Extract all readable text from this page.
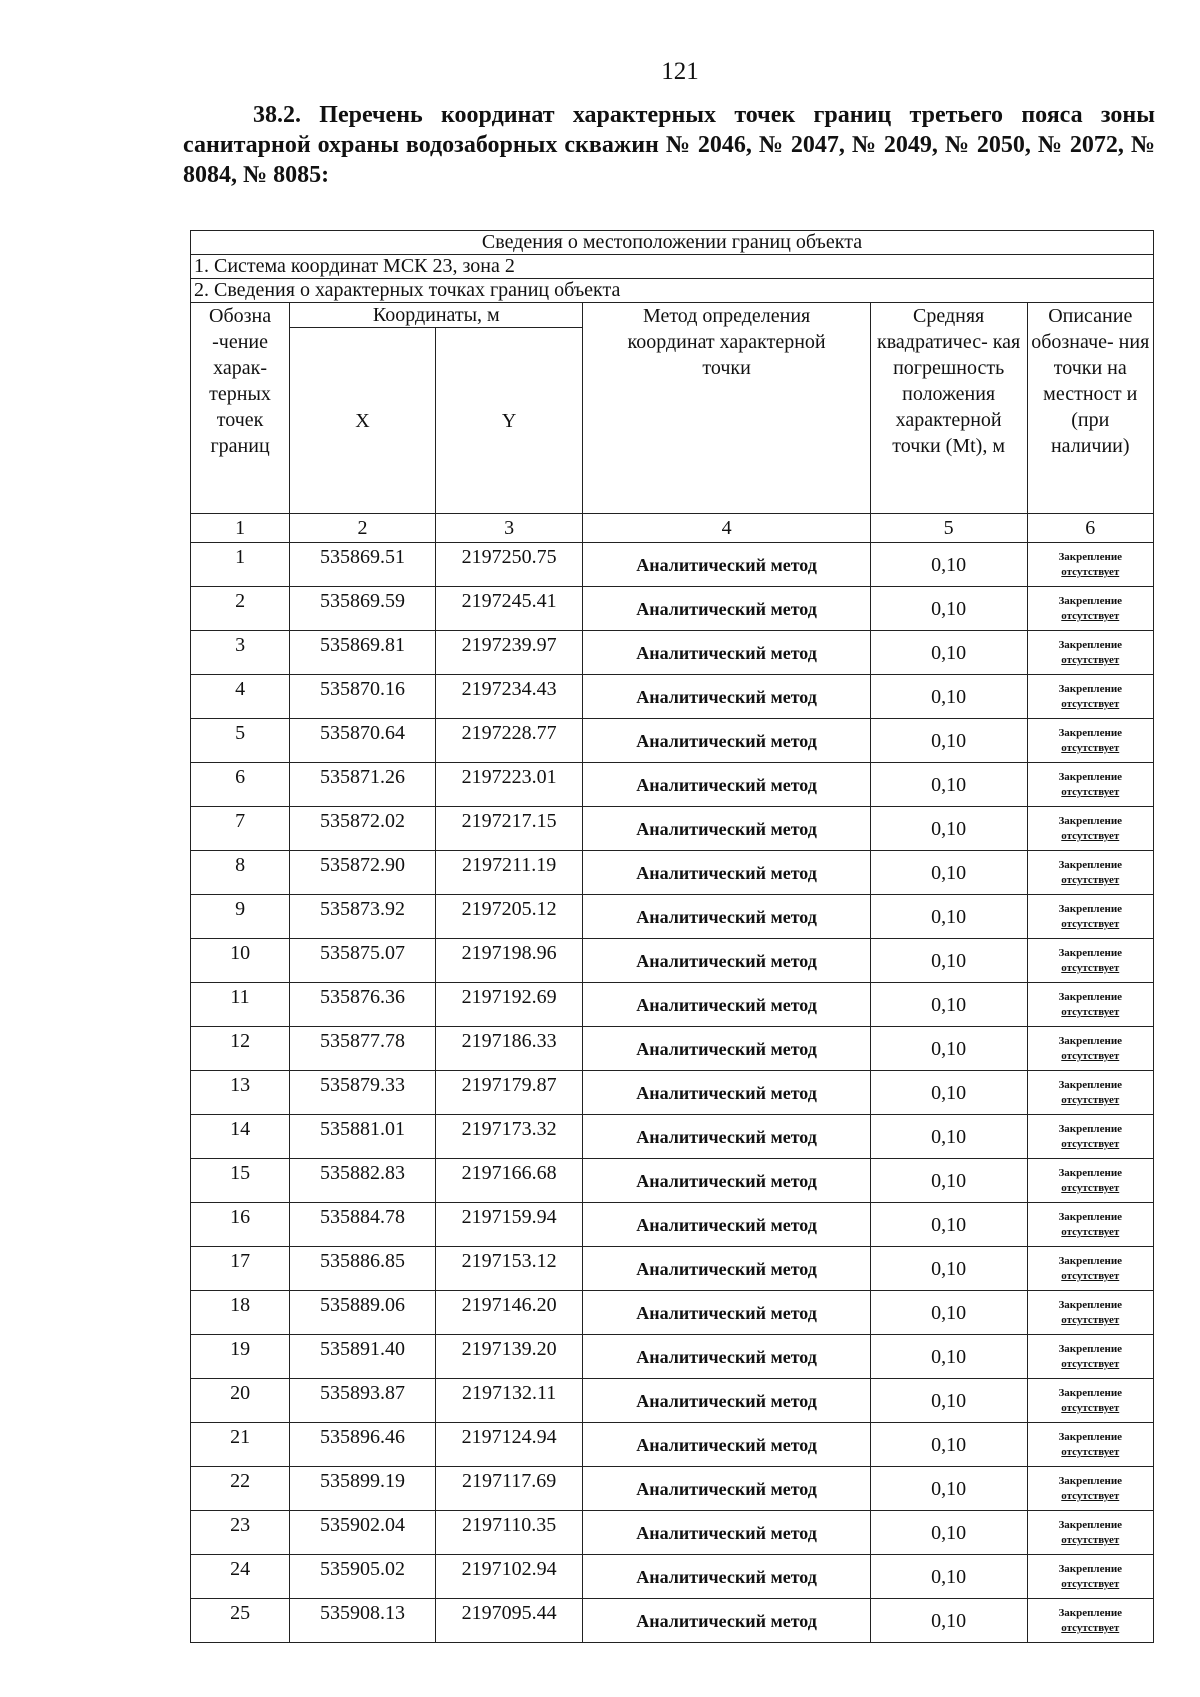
121
38.2. Перечень координат характерных точек границ третьего пояса зоны санитарной охраны водозаборных скважин № 2046, № 2047, № 2049, № 2050, № 2072, № 8084, № 8085:
Сведения о местоположении границ объекта					
1. Система координат МСК 23, зона 2					
2. Сведения о характерных точках границ объекта					
Обозна -чение харак- терных точек границ	Координаты, м		Метод определения координат характерной точки	Средняя квадратичес- кая погрешность положения характерной точки (Mt), м	Описание обозначе- ния точки на местност и (при наличии)
	X	Y			
1	2	3	4	5	6
1	535869.51	2197250.75	Аналитический метод	0,10	Закрепление
отсутствует

2	535869.59	2197245.41	Аналитический метод	0,10	Закрепление
отсутствует

3	535869.81	2197239.97	Аналитический метод	0,10	Закрепление
отсутствует

4	535870.16	2197234.43	Аналитический метод	0,10	Закрепление
отсутствует

5	535870.64	2197228.77	Аналитический метод	0,10	Закрепление
отсутствует

6	535871.26	2197223.01	Аналитический метод	0,10	Закрепление
отсутствует

7	535872.02	2197217.15	Аналитический метод	0,10	Закрепление
отсутствует

8	535872.90	2197211.19	Аналитический метод	0,10	Закрепление
отсутствует

9	535873.92	2197205.12	Аналитический метод	0,10	Закрепление
отсутствует

10	535875.07	2197198.96	Аналитический метод	0,10	Закрепление
отсутствует

11	535876.36	2197192.69	Аналитический метод	0,10	Закрепление
отсутствует

12	535877.78	2197186.33	Аналитический метод	0,10	Закрепление
отсутствует

13	535879.33	2197179.87	Аналитический метод	0,10	Закрепление
отсутствует

14	535881.01	2197173.32	Аналитический метод	0,10	Закрепление
отсутствует

15	535882.83	2197166.68	Аналитический метод	0,10	Закрепление
отсутствует

16	535884.78	2197159.94	Аналитический метод	0,10	Закрепление
отсутствует

17	535886.85	2197153.12	Аналитический метод	0,10	Закрепление
отсутствует

18	535889.06	2197146.20	Аналитический метод	0,10	Закрепление
отсутствует

19	535891.40	2197139.20	Аналитический метод	0,10	Закрепление
отсутствует

20	535893.87	2197132.11	Аналитический метод	0,10	Закрепление
отсутствует

21	535896.46	2197124.94	Аналитический метод	0,10	Закрепление
отсутствует

22	535899.19	2197117.69	Аналитический метод	0,10	Закрепление
отсутствует

23	535902.04	2197110.35	Аналитический метод	0,10	Закрепление
отсутствует

24	535905.02	2197102.94	Аналитический метод	0,10	Закрепление
отсутствует

25	535908.13	2197095.44	Аналитический метод	0,10	Закрепление
отсутствует
